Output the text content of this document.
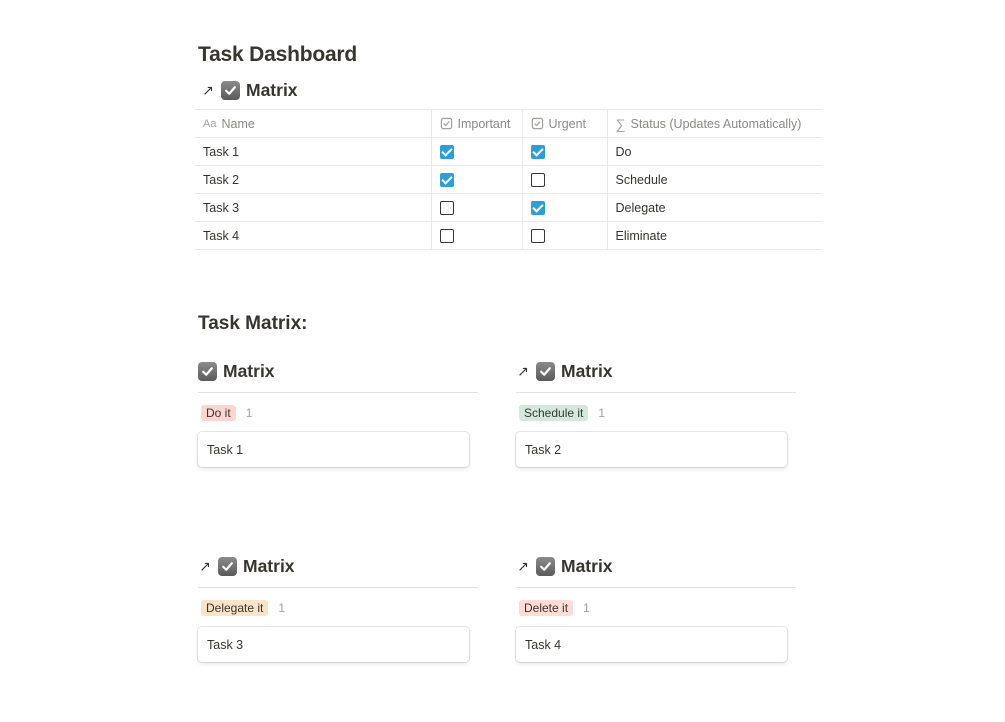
Task Dashboard
↗ Matrix
Aa Name	Important	Urgent	∑ Status (Updates Automatically)

Task 1			Do
Task 2			Schedule
Task 3			Delegate
Task 4			Eliminate
Task Matrix:
Matrix
Do it	1
Task 1
↗ Matrix
Schedule it	1
Task 2
↗ Matrix
Delegate it	1
Task 3
↗ Matrix
Delete it	1
Task 4
